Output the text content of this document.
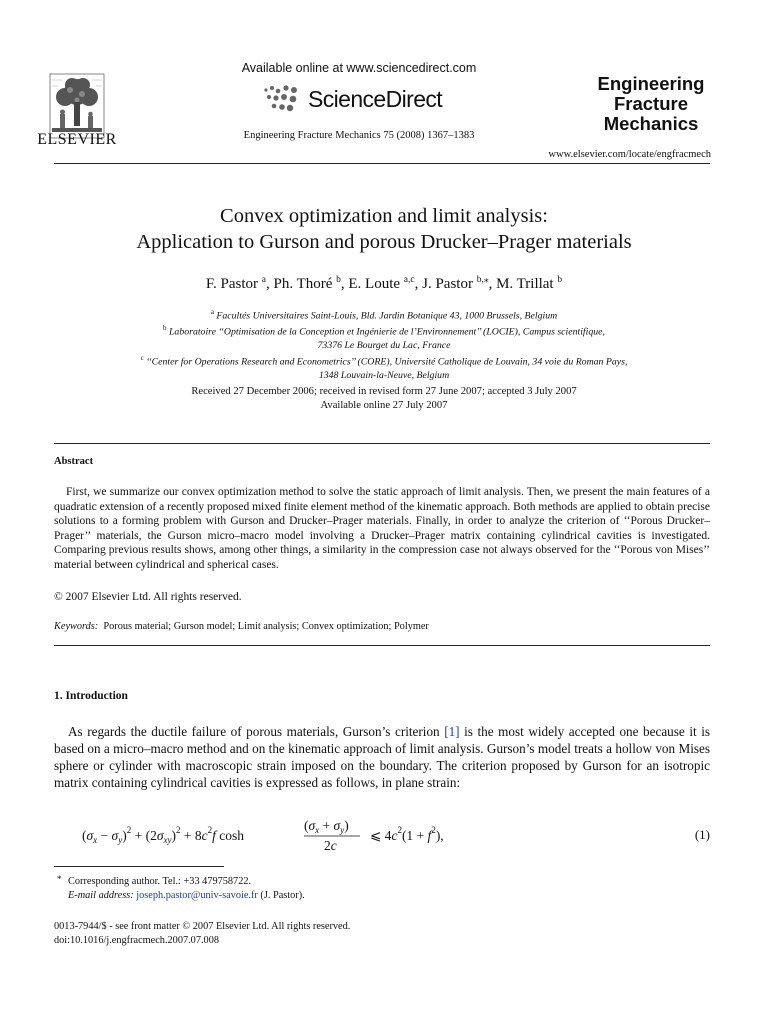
ELSEVIER
Available online at www.sciencedirect.com
ScienceDirect
Engineering Fracture Mechanics 75 (2008) 1367–1383
Engineering
Fracture
Mechanics
www.elsevier.com/locate/engfracmech
Convex optimization and limit analysis:
Application to Gurson and porous Drucker–Prager materials
F. Pastor $^a$, Ph. Thoré $^b$, E. Loute $^{a,c}$, J. Pastor $^{b,⁎}$, M. Trillat $^b$
$^a$ Facultés Universitaires Saint-Louis, Bld. Jardin Botanique 43, 1000 Brussels, Belgium
$^b$ Laboratoire ‘‘Optimisation de la Conception et Ingénierie de l’Environnement’’ (LOCIE), Campus scientifique,
73376 Le Bourget du Lac, France
$^c$ ‘‘Center for Operations Research and Econometrics’’ (CORE), Université Catholique de Louvain, 34 voie du Roman Pays,
1348 Louvain-la-Neuve, Belgium
Received 27 December 2006; received in revised form 27 June 2007; accepted 3 July 2007
Available online 27 July 2007
Abstract

First, we summarize our convex optimization method to solve the static approach of limit analysis. Then, we present the main features of a quadratic extension of a recently proposed mixed finite element method of the kinematic approach. Both methods are applied to obtain precise solutions to a forming problem with Gurson and Drucker–Prager materials. Finally, in order to analyze the criterion of ‘‘Porous Drucker–Prager’’ materials, the Gurson micro–macro model involving a Drucker–Prager matrix containing cylindrical cavities is investigated. Comparing previous results shows, among other things, a similarity in the compression case not always observed for the ‘‘Porous von Mises’’ material between cylindrical and spherical cases.

© 2007 Elsevier Ltd. All rights reserved.
Keywords: Porous material; Gurson model; Limit analysis; Convex optimization; Polymer
1. Introduction

As regards the ductile failure of porous materials, Gurson’s criterion [1] is the most widely accepted one because it is based on a micro–macro method and on the kinematic approach of limit analysis. Gurson’s model treats a hollow von Mises sphere or cylinder with macroscopic strain imposed on the boundary. The criterion proposed by Gurson for an isotropic matrix containing cylindrical cavities is expressed as follows, in plane strain:

$(\sigma_x - \sigma_y)^2 + (2\sigma_{xy})^2 + 8c^2f$ cosh
$(\sigma_x + \sigma_y)$
2c
⩽ $4c^2(1 + f^2)$,	(1)
* Corresponding author. Tel.: +33 479758722.
E-mail address: joseph.pastor@univ-savoie.fr (J. Pastor).
0013-7944/$ - see front matter © 2007 Elsevier Ltd. All rights reserved.
doi:10.1016/j.engfracmech.2007.07.008
